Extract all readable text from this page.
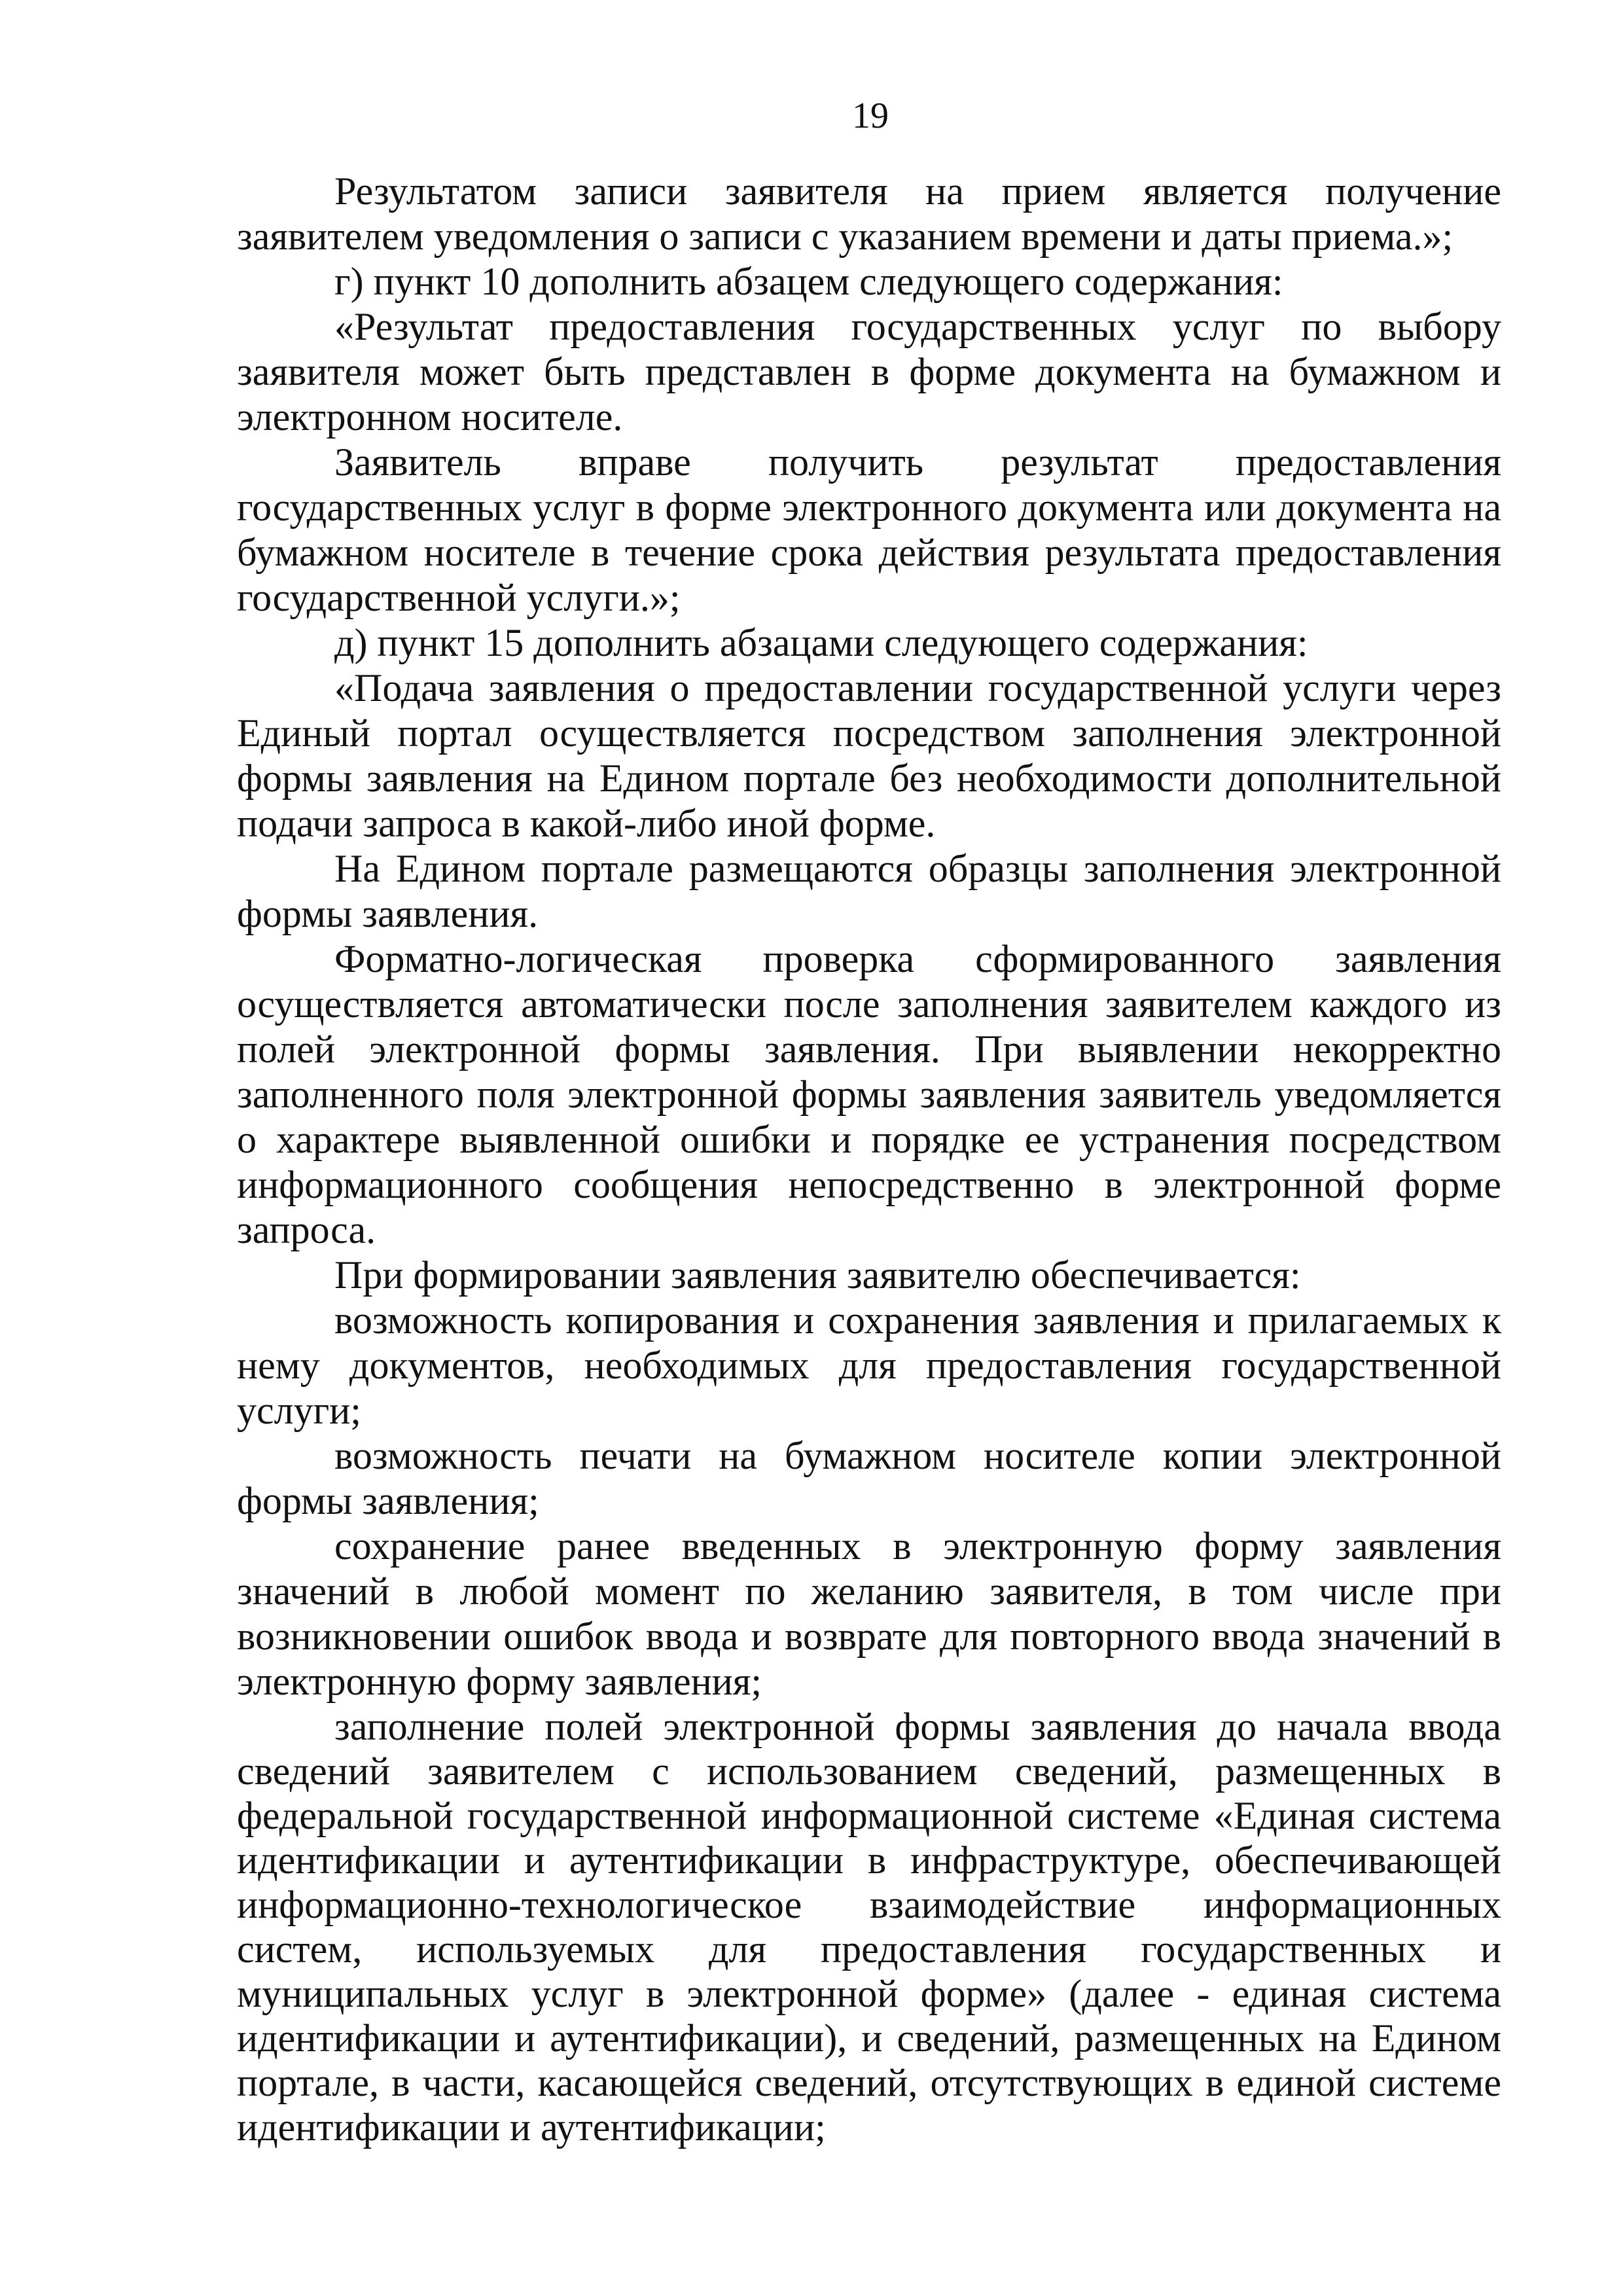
19

Результатом записи заявителя на прием является получение заявителем уведомления о записи с указанием времени и даты приема.»;

г) пункт 10 дополнить абзацем следующего содержания:

«Результат предоставления государственных услуг по выбору заявителя может быть представлен в форме документа на бумажном и электронном носителе.

Заявитель вправе получить результат предоставления государственных услуг в форме электронного документа или документа на бумажном носителе в течение срока действия результата предоставления государственной услуги.»;

д) пункт 15 дополнить абзацами следующего содержания:

«Подача заявления о предоставлении государственной услуги через Единый портал осуществляется посредством заполнения электронной формы заявления на Едином портале без необходимости дополнительной подачи запроса в какой-либо иной форме.

На Едином портале размещаются образцы заполнения электронной формы заявления.

Форматно-логическая проверка сформированного заявления осуществляется автоматически после заполнения заявителем каждого из полей электронной формы заявления. При выявлении некорректно заполненного поля электронной формы заявления заявитель уведомляется о характере выявленной ошибки и порядке ее устранения посредством информационного сообщения непосредственно в электронной форме запроса.

При формировании заявления заявителю обеспечивается:

возможность копирования и сохранения заявления и прилагаемых к нему документов, необходимых для предоставления государственной услуги;

возможность печати на бумажном носителе копии электронной формы заявления;

сохранение ранее введенных в электронную форму заявления значений в любой момент по желанию заявителя, в том числе при возникновении ошибок ввода и возврате для повторного ввода значений в электронную форму заявления;

заполнение полей электронной формы заявления до начала ввода сведений заявителем с использованием сведений, размещенных в федеральной государственной информационной системе «Единая система идентификации и аутентификации в инфраструктуре, обеспечивающей информационно-технологическое взаимодействие информационных систем, используемых для предоставления государственных и муниципальных услуг в электронной форме» (далее - единая система идентификации и аутентификации), и сведений, размещенных на Едином портале, в части, касающейся сведений, отсутствующих в единой системе идентификации и аутентификации;
